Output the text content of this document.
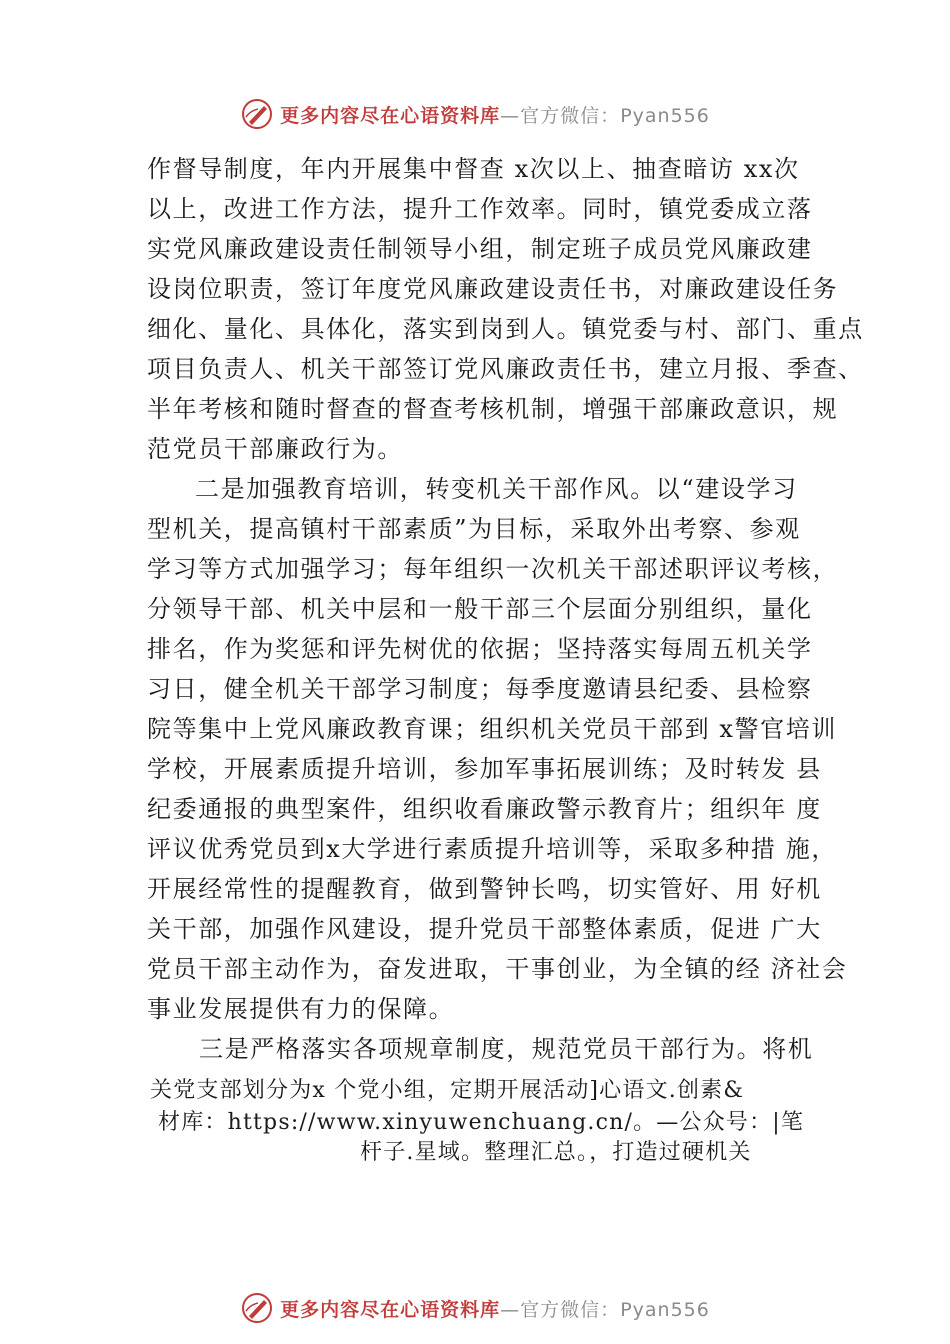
更多内容尽在心语资料库—官方微信：Pyan556
作督导制度，年内开展集中督查 x次以上、抽查暗访 xx次
以上，改进工作方法，提升工作效率。同时，镇党委成立落
实党风廉政建设责任制领导小组，制定班子成员党风廉政建
设岗位职责，签订年度党风廉政建设责任书，对廉政建设任务
细化、量化、具体化，落实到岗到人。镇党委与村、部门、重点
项目负责人、机关干部签订党风廉政责任书，建立月报、季查、
半年考核和随时督查的督查考核机制，增强干部廉政意识，规
范党员干部廉政行为。
二是加强教育培训，转变机关干部作风。以“建设学习
型机关，提高镇村干部素质”为目标，采取外出考察、参观
学习等方式加强学习；每年组织一次机关干部述职评议考核，
分领导干部、机关中层和一般干部三个层面分别组织，量化
排名，作为奖惩和评先树优的依据；坚持落实每周五机关学
习日，健全机关干部学习制度；每季度邀请县纪委、县检察
院等集中上党风廉政教育课；组织机关党员干部到 x警官培训
学校，开展素质提升培训，参加军事拓展训练；及时转发 县
纪委通报的典型案件，组织收看廉政警示教育片；组织年 度
评议优秀党员到x大学进行素质提升培训等，采取多种措 施，
开展经常性的提醒教育，做到警钟长鸣，切实管好、用 好机
关干部，加强作风建设，提升党员干部整体素质，促进 广大
党员干部主动作为，奋发进取，干事创业，为全镇的经 济社会
事业发展提供有力的保障。
三是严格落实各项规章制度，规范党员干部行为。将机
关党支部划分为x 个党小组，定期开展活动]心语文.创素&
材库：https://www.xinyuwenchuang.cn/。—公众号：|笔
杆子.星域。整理汇总。，打造过硬机关
更多内容尽在心语资料库—官方微信：Pyan556
